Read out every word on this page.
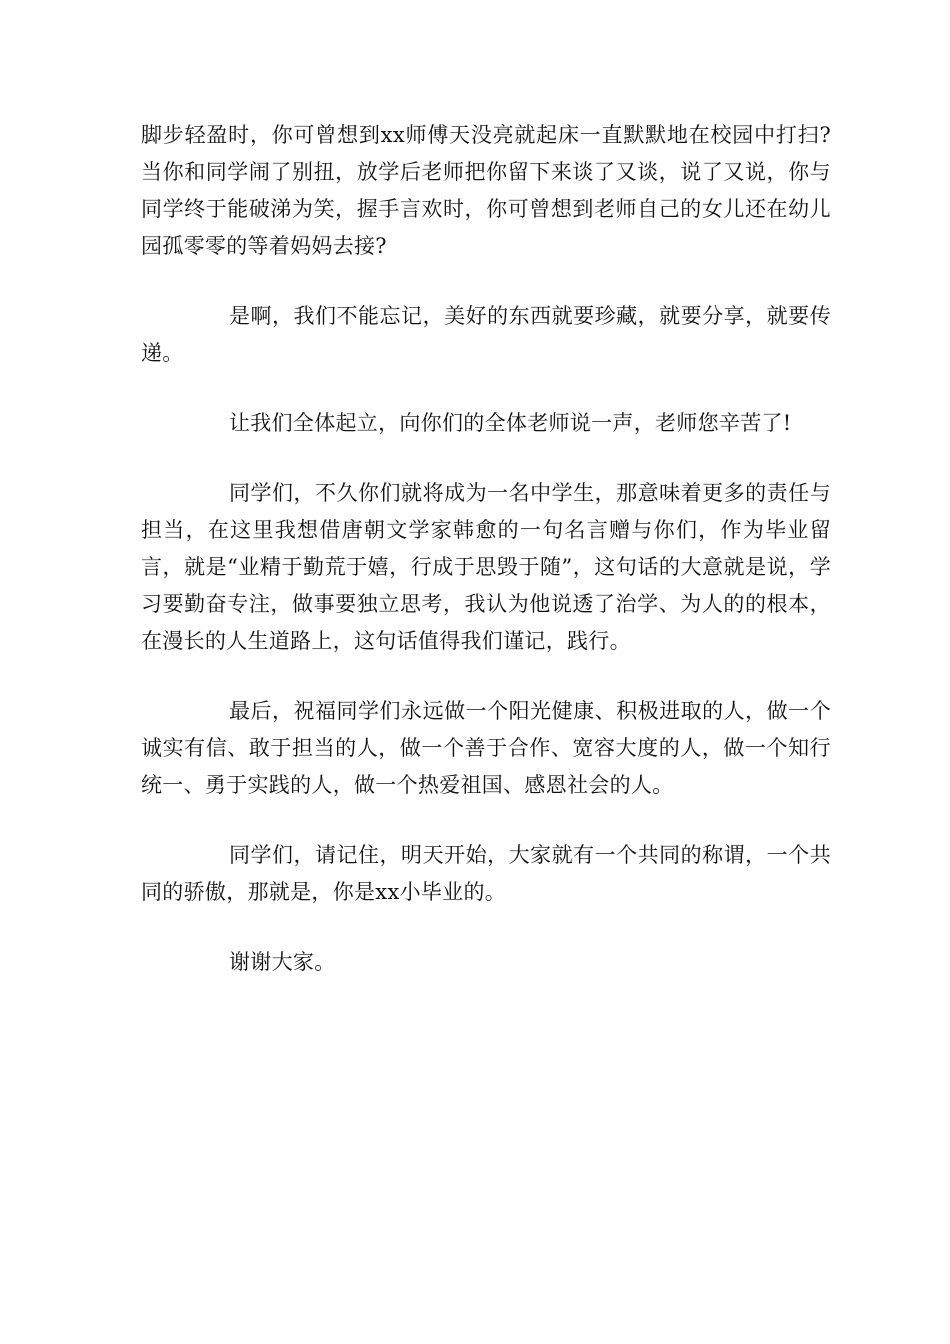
脚步轻盈时，你可曾想到xx师傅天没亮就起床一直默默地在校园中打扫?当你和同学闹了别扭，放学后老师把你留下来谈了又谈，说了又说，你与同学终于能破涕为笑，握手言欢时，你可曾想到老师自己的女儿还在幼儿园孤零零的等着妈妈去接?

是啊，我们不能忘记，美好的东西就要珍藏，就要分享，就要传递。

让我们全体起立，向你们的全体老师说一声，老师您辛苦了!

同学们，不久你们就将成为一名中学生，那意味着更多的责任与担当，在这里我想借唐朝文学家韩愈的一句名言赠与你们，作为毕业留言，就是“业精于勤荒于嬉，行成于思毁于随”，这句话的大意就是说，学习要勤奋专注，做事要独立思考，我认为他说透了治学、为人的的根本，在漫长的人生道路上，这句话值得我们谨记，践行。

最后，祝福同学们永远做一个阳光健康、积极进取的人，做一个诚实有信、敢于担当的人，做一个善于合作、宽容大度的人，做一个知行统一、勇于实践的人，做一个热爱祖国、感恩社会的人。

同学们，请记住，明天开始，大家就有一个共同的称谓，一个共同的骄傲，那就是，你是xx小毕业的。

谢谢大家。
